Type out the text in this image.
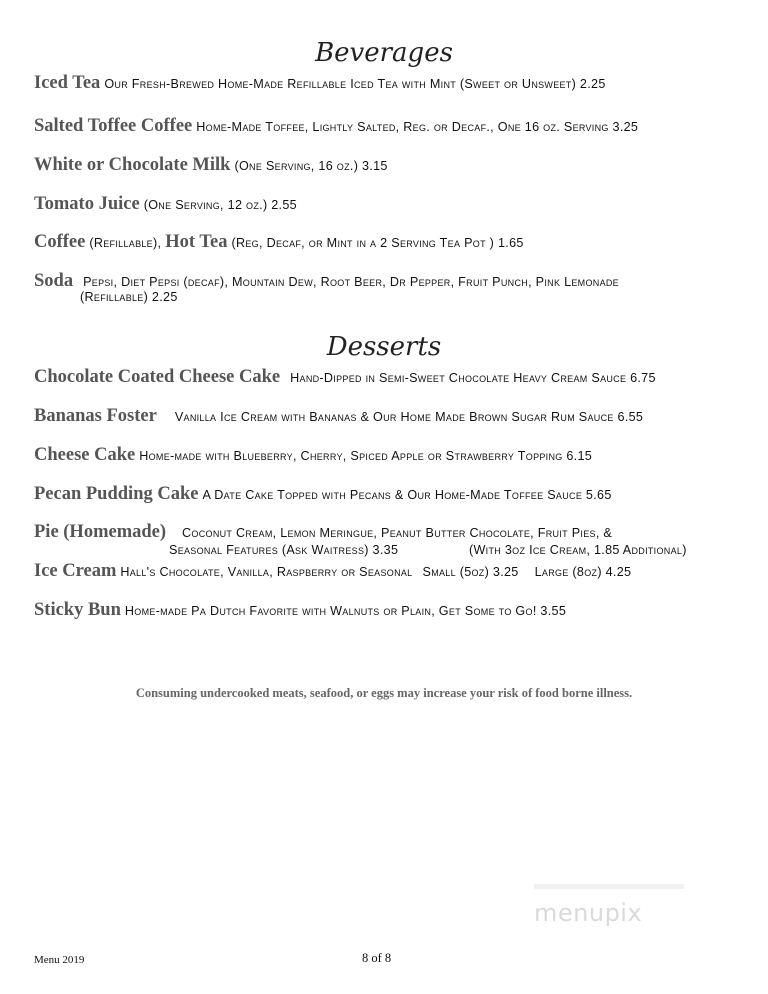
Beverages
Iced Tea Our Fresh-Brewed Home-Made Refillable Iced Tea with Mint (Sweet or Unsweet) 2.25
Salted Toffee Coffee Home-Made Toffee, Lightly Salted, Reg. or Decaf., One 16 oz. Serving 3.25
White or Chocolate Milk (One Serving, 16 oz.) 3.15
Tomato Juice (One Serving, 12 oz.) 2.55
Coffee (Refillable), Hot Tea (Reg, Decaf, or Mint in a 2 Serving Tea Pot ) 1.65
Soda Pepsi, Diet Pepsi (decaf), Mountain Dew, Root Beer, Dr Pepper, Fruit Punch, Pink Lemonade
(Refillable) 2.25
Desserts
Chocolate Coated Cheese Cake Hand-Dipped in Semi-Sweet Chocolate Heavy Cream Sauce 6.75
Bananas Foster Vanilla Ice Cream with Bananas & Our Home Made Brown Sugar Rum Sauce 6.55
Cheese Cake Home-made with Blueberry, Cherry, Spiced Apple or Strawberry Topping 6.15
Pecan Pudding Cake A Date Cake Topped with Pecans & Our Home-Made Toffee Sauce 5.65
Pie (Homemade) Coconut Cream, Lemon Meringue, Peanut Butter Chocolate, Fruit Pies, &
Seasonal Features (Ask Waitress) 3.35	(With 3oz Ice Cream, 1.85 Additional)
Ice Cream Hall's Chocolate, Vanilla, Raspberry or Seasonal Small (5oz) 3.25 Large (8oz) 4.25
Sticky Bun Home-made Pa Dutch Favorite with Walnuts or Plain, Get Some to Go! 3.55
Consuming undercooked meats, seafood, or eggs may increase your risk of food borne illness.
menupix
Menu 2019	8 of 8
